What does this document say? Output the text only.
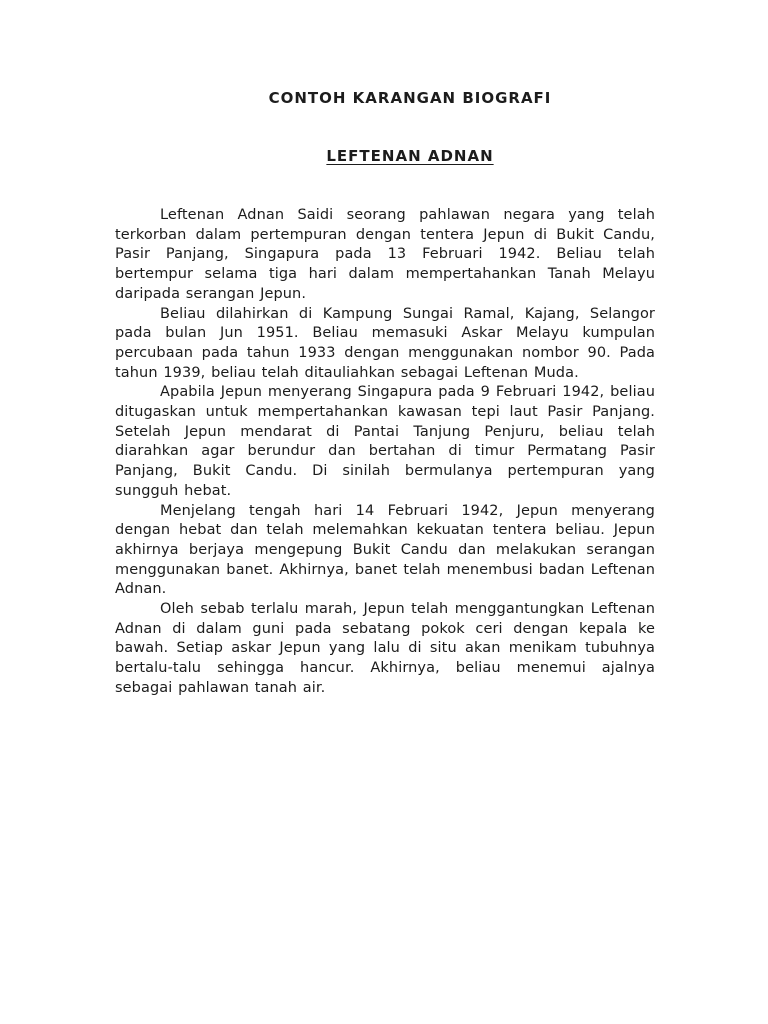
CONTOH KARANGAN BIOGRAFI
LEFTENAN ADNAN

Leftenan Adnan Saidi seorang pahlawan negara yang telah terkorban dalam pertempuran dengan tentera Jepun di Bukit Candu, Pasir Panjang, Singapura pada 13 Februari 1942. Beliau telah bertempur selama tiga hari dalam mempertahankan Tanah Melayu daripada serangan Jepun.

Beliau dilahirkan di Kampung Sungai Ramal, Kajang, Selangor pada bulan Jun 1951. Beliau memasuki Askar Melayu kumpulan percubaan pada tahun 1933 dengan menggunakan nombor 90. Pada tahun 1939, beliau telah ditauliahkan sebagai Leftenan Muda.

Apabila Jepun menyerang Singapura pada 9 Februari 1942, beliau ditugaskan untuk mempertahankan kawasan tepi laut Pasir Panjang. Setelah Jepun mendarat di Pantai Tanjung Penjuru, beliau telah diarahkan agar berundur dan bertahan di timur Permatang Pasir Panjang, Bukit Candu. Di sinilah bermulanya pertempuran yang sungguh hebat.

Menjelang tengah hari 14 Februari 1942, Jepun menyerang dengan hebat dan telah melemahkan kekuatan tentera beliau. Jepun akhirnya berjaya mengepung Bukit Candu dan melakukan serangan menggunakan banet. Akhirnya, banet telah menembusi badan Leftenan Adnan.

Oleh sebab terlalu marah, Jepun telah menggantungkan Leftenan Adnan di dalam guni pada sebatang pokok ceri dengan kepala ke bawah. Setiap askar Jepun yang lalu di situ akan menikam tubuhnya bertalu-talu sehingga hancur. Akhirnya, beliau menemui ajalnya sebagai pahlawan tanah air.
